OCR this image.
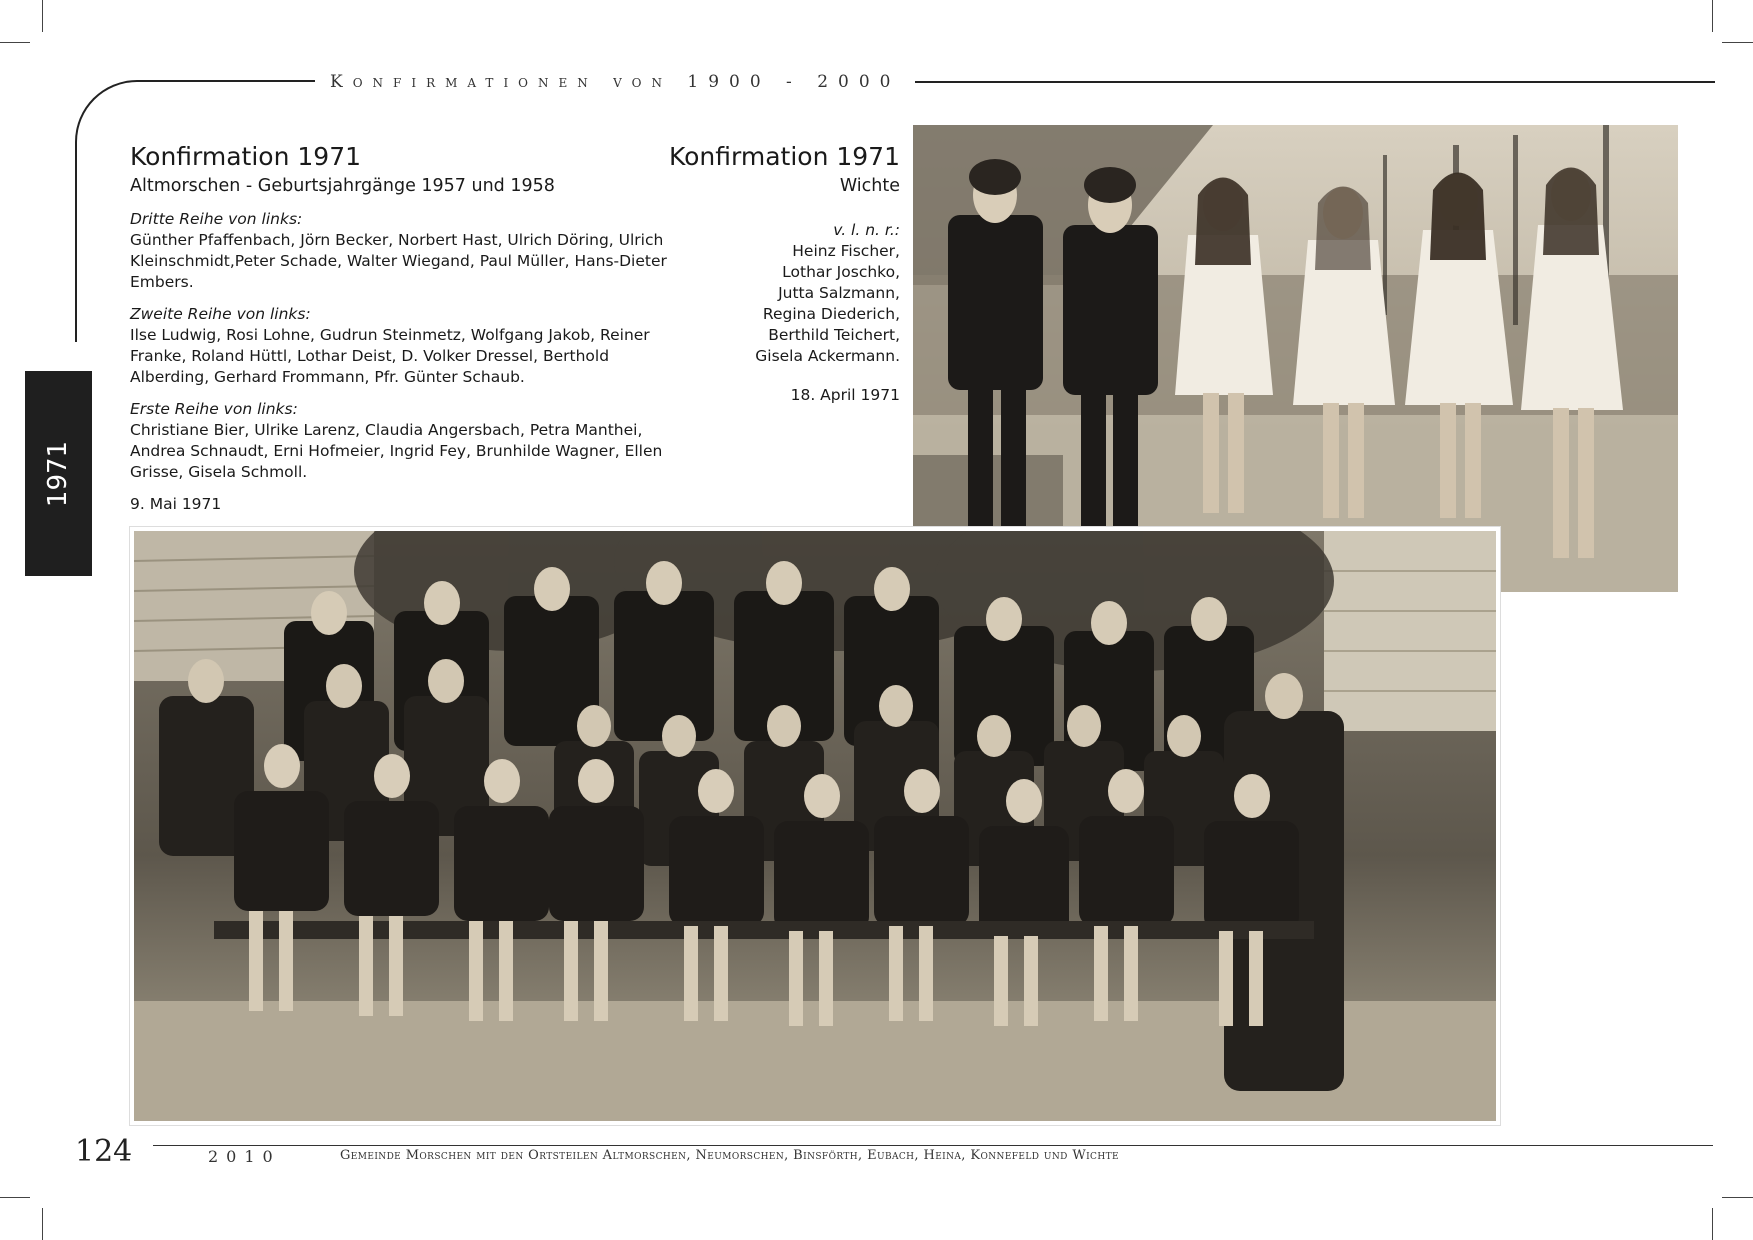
Konfirmationen von 1900 - 2000
1971
Konfirmation 1971
Altmorschen - Geburtsjahrgänge 1957 und 1958
Dritte Reihe von links:
Günther Pfaffenbach, Jörn Becker, Norbert Hast, Ulrich Döring, Ulrich Kleinschmidt,Peter Schade, Walter Wiegand, Paul Müller, Hans-Dieter Embers.
Zweite Reihe von links:
Ilse Ludwig, Rosi Lohne, Gudrun Steinmetz, Wolfgang Jakob, Reiner Franke, Roland Hüttl, Lothar Deist, D. Volker Dressel, Berthold Alberding, Gerhard Frommann, Pfr. Günter Schaub.
Erste Reihe von links:
Christiane Bier, Ulrike Larenz, Claudia Angersbach, Petra Manthei, Andrea Schnaudt, Erni Hofmeier, Ingrid Fey, Brunhilde Wagner, Ellen Grisse, Gisela Schmoll.
9. Mai 1971
Konfirmation 1971
Wichte
v. l. n. r.:
Heinz Fischer,
Lothar Joschko,
Jutta Salzmann,
Regina Diederich,
Berthild Teichert,
Gisela Ackermann.
18. April 1971
124	2010	Gemeinde Morschen mit den Ortsteilen Altmorschen, Neumorschen, Binsförth, Eubach, Heina, Konnefeld und Wichte
